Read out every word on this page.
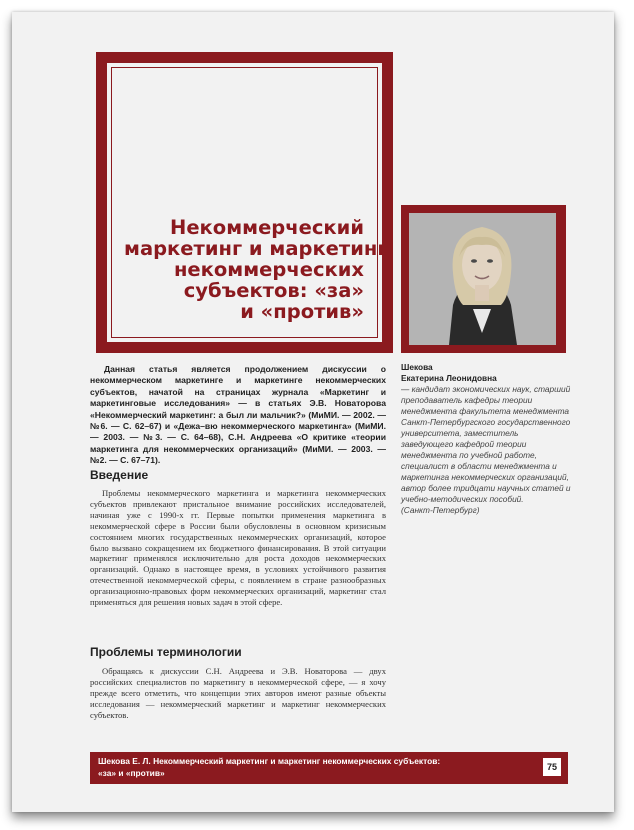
Некоммерческий
маркетинг и маркетинг
некоммерческих
субъектов: «за»
и «против»

Данная статья является продолжением дискуссии о некоммерческом маркетинге и маркетинге некоммерческих субъектов, начатой на страницах журнала «Маркетинг и маркетинговые исследования» — в статьях Э.В. Новаторова «Некоммерческий маркетинг: а был ли мальчик?» (МиМИ. — 2002. — №6. — С. 62–67) и «Дежа–вю некоммерческого маркетинга» (МиМИ. — 2003. — №3. — С. 64–68), С.Н. Андреева «О критике «теории маркетинга для некоммерческих организаций» (МиМИ. — 2003. — №2. — С. 67–71).

Введение

Проблемы некоммерческого маркетинга и маркетинга некоммерческих субъектов привлекают пристальное внимание российских исследователей, начиная уже с 1990-х гг. Первые попытки применения маркетинга в некоммерческой сфере в России были обусловлены в основном кризисным состоянием многих государственных некоммерческих организаций, которое было вызвано сокращением их бюджетного финансирования. В этой ситуации маркетинг применялся исключительно для роста доходов некоммерческих организаций. Однако в настоящее время, в условиях устойчивого развития отечественной некоммерческой сферы, с появлением в стране разнообразных организационно-правовых форм некоммерческих организаций, маркетинг стал применяться для решения новых задач в этой сфере.

Проблемы терминологии

Обращаясь к дискуссии С.Н. Андреева и Э.В. Новаторова — двух российских специалистов по маркетингу в некоммерческой сфере, — я хочу прежде всего отметить, что концепции этих авторов имеют разные объекты исследования — некоммерческий маркетинг и маркетинг некоммерческих субъектов.

Шекова

Екатерина Леонидовна

— кандидат экономических наук, старший преподаватель кафедры теории менеджмента факультета менеджмента Санкт-Петербургского государственного университета, заместитель заведующего кафедрой теории менеджмента по учебной работе, специалист в области менеджмента и маркетинга некоммерческих организаций, автор более тридцати научных статей и учебно-методических пособий.

(Санкт-Петербург)

Шекова Е. Л. Некоммерческий маркетинг и маркетинг некоммерческих субъектов:
«за» и «против»
75
